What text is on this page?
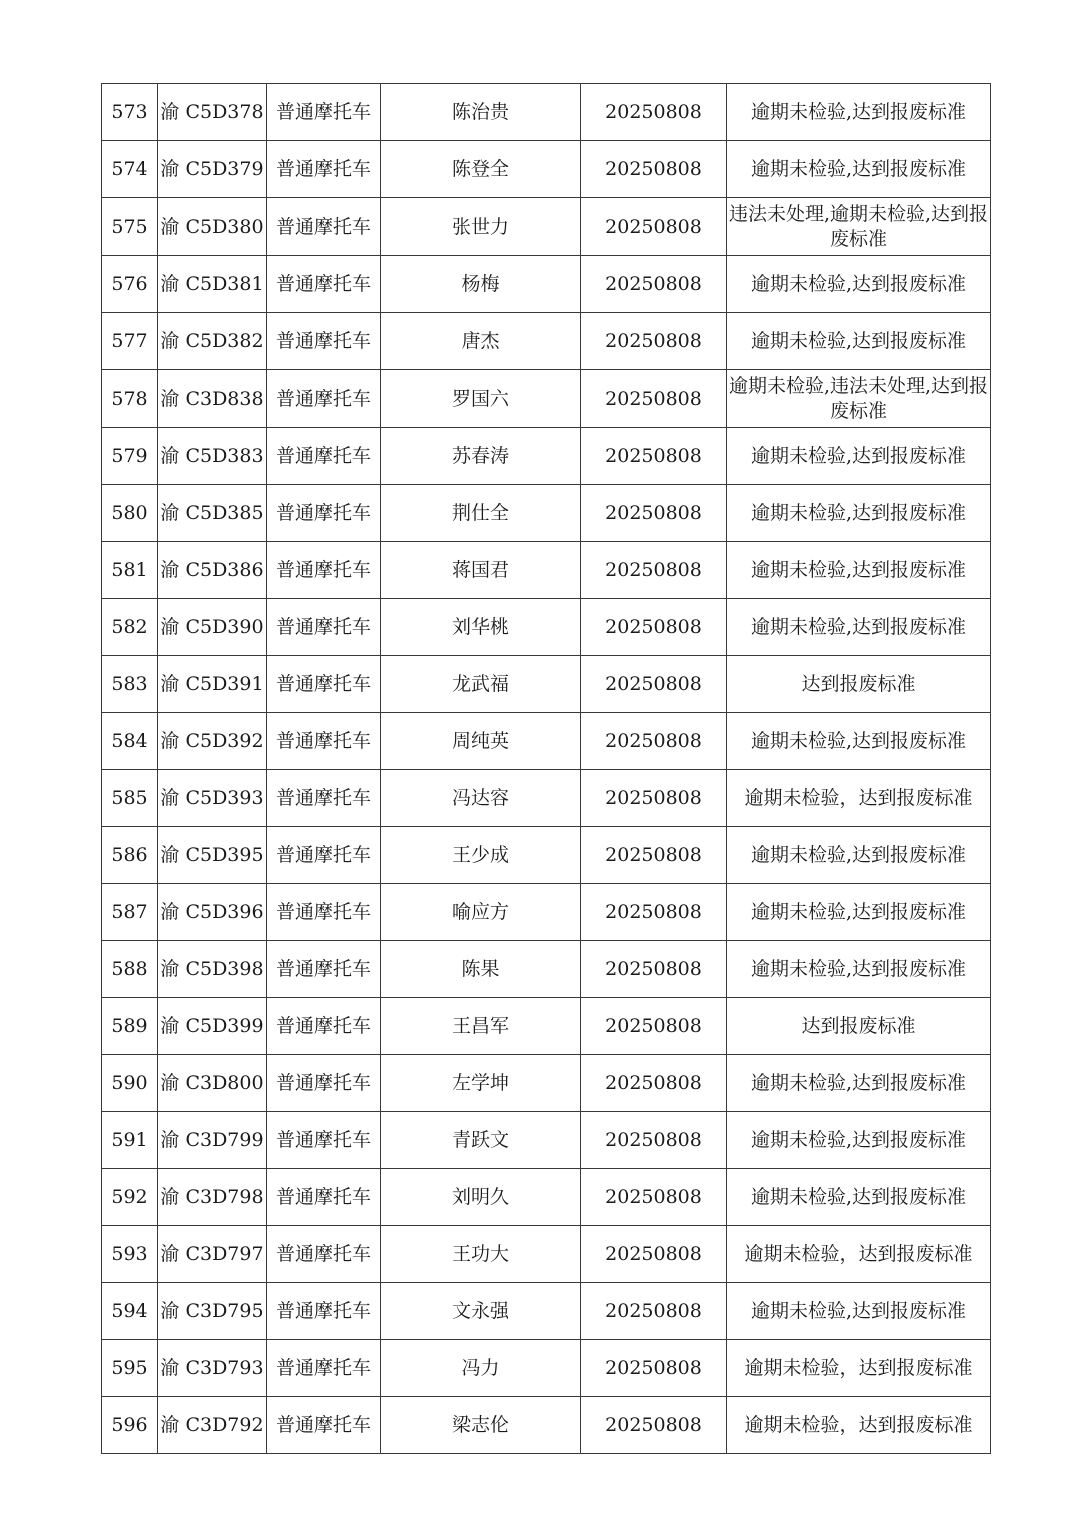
573	渝 C5D378	普通摩托车	陈治贵	20250808	逾期未检验,达到报废标准
574	渝 C5D379	普通摩托车	陈登全	20250808	逾期未检验,达到报废标准
575	渝 C5D380	普通摩托车	张世力	20250808	违法未处理,逾期未检验,达到报废标准
576	渝 C5D381	普通摩托车	杨梅	20250808	逾期未检验,达到报废标准
577	渝 C5D382	普通摩托车	唐杰	20250808	逾期未检验,达到报废标准
578	渝 C3D838	普通摩托车	罗国六	20250808	逾期未检验,违法未处理,达到报废标准
579	渝 C5D383	普通摩托车	苏春涛	20250808	逾期未检验,达到报废标准
580	渝 C5D385	普通摩托车	荆仕全	20250808	逾期未检验,达到报废标准
581	渝 C5D386	普通摩托车	蒋国君	20250808	逾期未检验,达到报废标准
582	渝 C5D390	普通摩托车	刘华桃	20250808	逾期未检验,达到报废标准
583	渝 C5D391	普通摩托车	龙武福	20250808	达到报废标准
584	渝 C5D392	普通摩托车	周纯英	20250808	逾期未检验,达到报废标准
585	渝 C5D393	普通摩托车	冯达容	20250808	逾期未检验，达到报废标准
586	渝 C5D395	普通摩托车	王少成	20250808	逾期未检验,达到报废标准
587	渝 C5D396	普通摩托车	喻应方	20250808	逾期未检验,达到报废标准
588	渝 C5D398	普通摩托车	陈果	20250808	逾期未检验,达到报废标准
589	渝 C5D399	普通摩托车	王昌军	20250808	达到报废标准
590	渝 C3D800	普通摩托车	左学坤	20250808	逾期未检验,达到报废标准
591	渝 C3D799	普通摩托车	青跃文	20250808	逾期未检验,达到报废标准
592	渝 C3D798	普通摩托车	刘明久	20250808	逾期未检验,达到报废标准
593	渝 C3D797	普通摩托车	王功大	20250808	逾期未检验，达到报废标准
594	渝 C3D795	普通摩托车	文永强	20250808	逾期未检验,达到报废标准
595	渝 C3D793	普通摩托车	冯力	20250808	逾期未检验，达到报废标准
596	渝 C3D792	普通摩托车	梁志伦	20250808	逾期未检验，达到报废标准
